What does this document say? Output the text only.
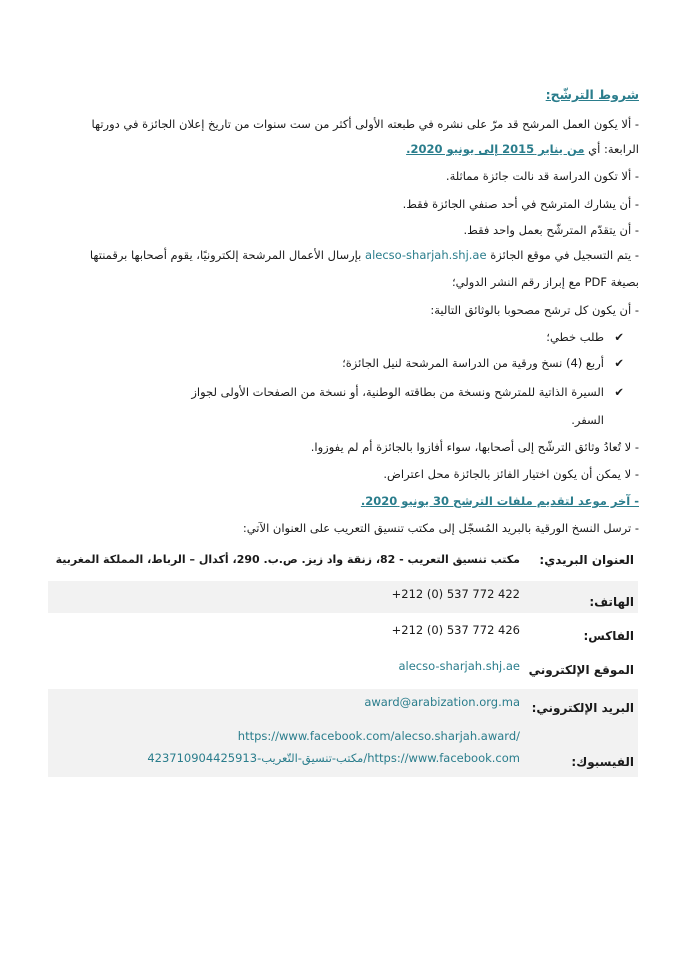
شروط الترشّح:
- ألا يكون العمل المرشح قد مرّ على نشره في طبعته الأولى أكثر من ست سنوات من تاريخ إعلان الجائزة في دورتها
الرابعة: أي من يناير 2015 إلى يونيو 2020.
- ألا تكون الدراسة قد نالت جائزة مماثلة.
- أن يشارك المترشح في أحد صنفي الجائزة فقط.
- أن يتقدّم المترشّح بعمل واحد فقط.
- يتم التسجيل في موقع الجائزة alecso-sharjah.shj.ae بإرسال الأعمال المرشحة إلكترونيًا، يقوم أصحابها برقمنتها
بصيغة PDF مع إبراز رقم النشر الدولي؛
- أن يكون كل ترشح مصحوبا بالوثائق التالية:
✔طلب خطي؛
✔أربع (4) نسخ ورقية من الدراسة المرشحة لنيل الجائزة؛
✔السيرة الذاتية للمترشح ونسخة من بطاقته الوطنية، أو نسخة من الصفحات الأولى لجواز
السفر.
- لا تُعادُ وثائق الترشّح إلى أصحابها، سواء أفازوا بالجائزة أم لم يفوزوا.
- لا يمكن أن يكون اختيار الفائز بالجائزة محل اعتراض.
- آخر موعد لتقديم ملفات الترشح 30 يونيو 2020.
- ترسل النسخ الورقية بالبريد المُسجّل إلى مكتب تنسيق التعريب على العنوان الآتي:
العنوان البريدي:
مكتب تنسيق التعريب - 82، زنقة واد زيز. ص.ب. 290، أكدال – الرباط، المملكة المغربية
الهاتف:
+212 (0) 537 772 422
الفاكس:
+212 (0) 537 772 426
الموقع الإلكتروني
alecso-sharjah.shj.ae
البريد الإلكتروني:
award@arabization.org.ma
https://www.facebook.com/alecso.sharjah.award/
الفيسبوك:
https://www.facebook.com/مكتب-تنسيق-التّعريب-423710904425913
